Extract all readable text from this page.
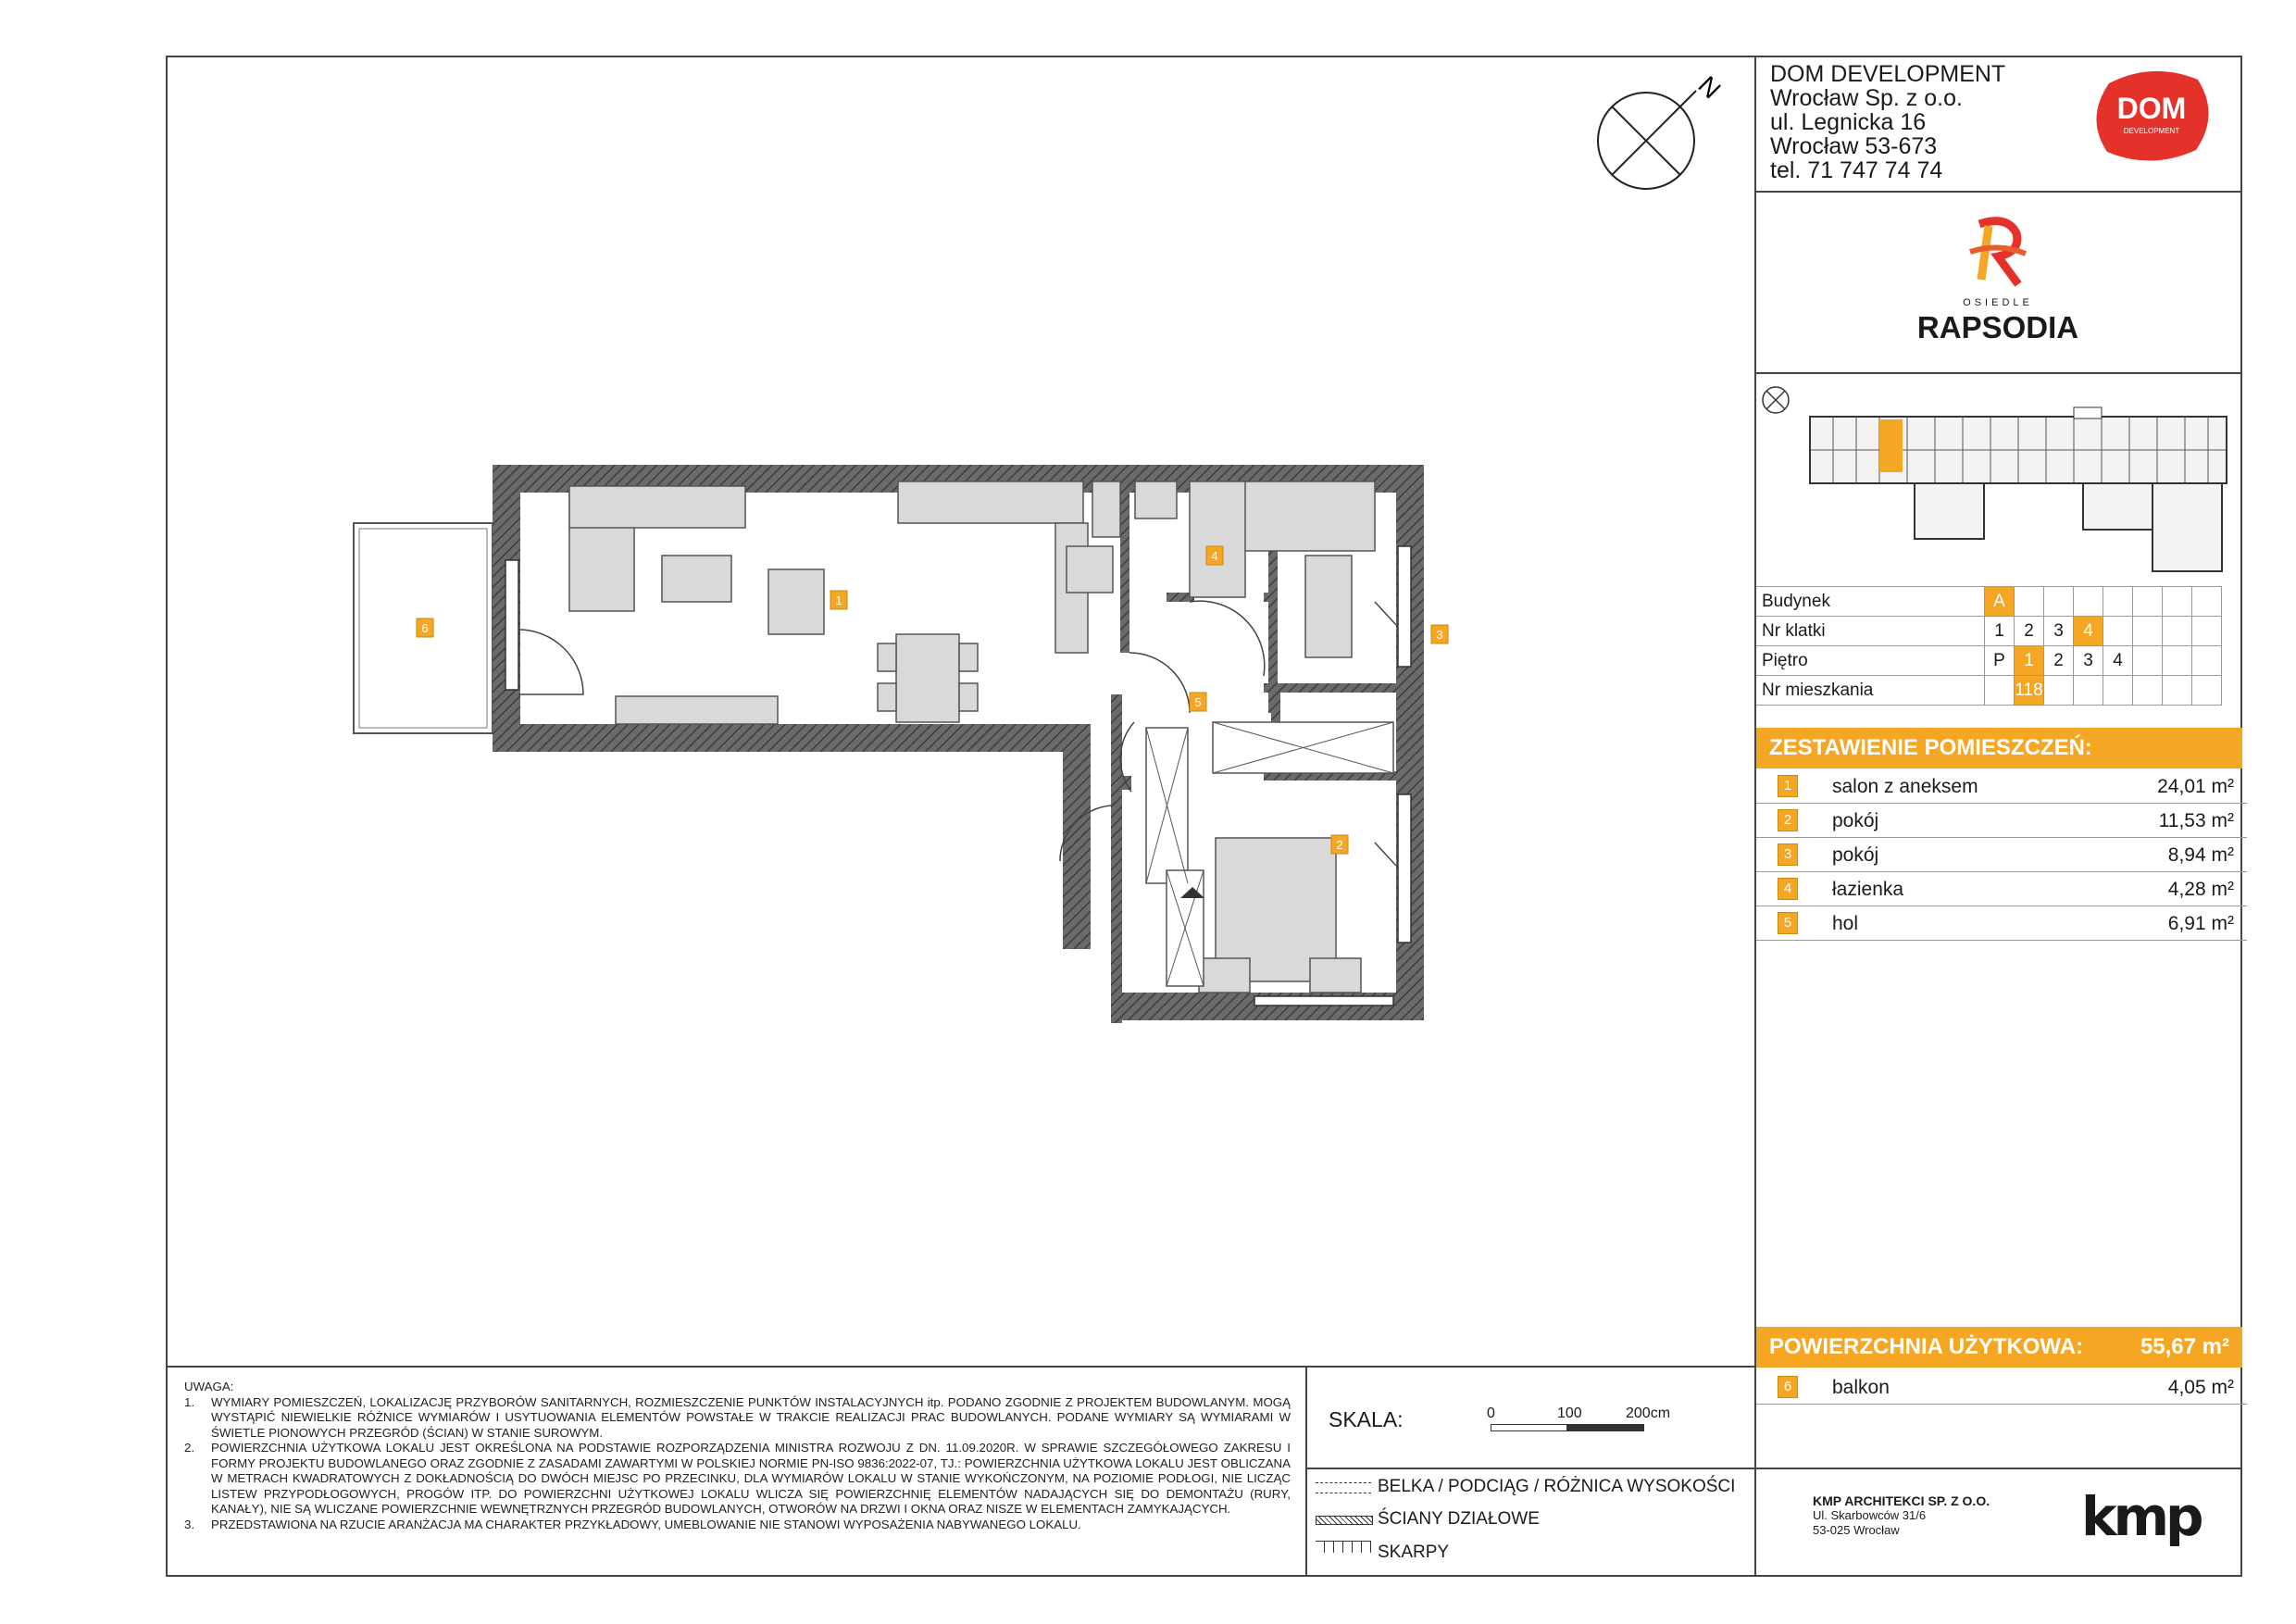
DOM DEVELOPMENT
Wrocław Sp. z o.o.
ul. Legnicka 16
Wrocław 53-673
tel. 71 747 74 74
DOM
DEVELOPMENT
OSIEDLE
RAPSODIA
Budynek	A							
Nr klatki	1	2	3	4				
Piętro	P	1	2	3	4			
Nr mieszkania		118						
ZESTAWIENIE POMIESZCZEŃ:
1	salon z aneksem	24,01 m²
2	pokój	11,53 m²
3	pokój	8,94 m²
4	łazienka	4,28 m²
5	hol	6,91 m²
POWIERZCHNIA UŻYTKOWA:	55,67 m²
6	balkon	4,05 m²
KMP ARCHITEKCI SP. Z O.O.
Ul. Skarbowców 31/6
53-025 Wrocław	kmp

UWAGA:

1. WYMIARY POMIESZCZEŃ, LOKALIZACJĘ PRZYBORÓW SANITARNYCH, ROZMIESZCZENIE PUNKTÓW INSTALACYJNYCH itp. PODANO ZGODNIE Z PROJEKTEM BUDOWLANYM. MOGĄ WYSTĄPIĆ NIEWIELKIE RÓŻNICE WYMIARÓW I USYTUOWANIA ELEMENTÓW POWSTAŁE W TRAKCIE REALIZACJI PRAC BUDOWLANYCH. PODANE WYMIARY SĄ WYMIARAMI W ŚWIETLE PIONOWYCH PRZEGRÓD (ŚCIAN) W STANIE SUROWYM.
2. POWIERZCHNIA UŻYTKOWA LOKALU JEST OKREŚLONA NA PODSTAWIE ROZPORZĄDZENIA MINISTRA ROZWOJU Z DN. 11.09.2020R. W SPRAWIE SZCZEGÓŁOWEGO ZAKRESU I FORMY PROJEKTU BUDOWLANEGO ORAZ ZGODNIE Z ZASADAMI ZAWARTYMI W POLSKIEJ NORMIE PN-ISO 9836:2022-07, TJ.: POWIERZCHNIA UŻYTKOWA LOKALU JEST OBLICZANA W METRACH KWADRATOWYCH Z DOKŁADNOŚCIĄ DO DWÓCH MIEJSC PO PRZECINKU, DLA WYMIARÓW LOKALU W STANIE WYKOŃCZONYM, NA POZIOMIE PODŁOGI, NIE LICZĄC LISTEW PRZYPODŁOGOWYCH, PROGÓW ITP. DO POWIERZCHNI UŻYTKOWEJ LOKALU WLICZA SIĘ POWIERZCHNIĘ ELEMENTÓW NADAJĄCYCH SIĘ DO DEMONTAŻU (RURY, KANAŁY), NIE SĄ WLICZANE POWIERZCHNIE WEWNĘTRZNYCH PRZEGRÓD BUDOWLANYCH, OTWORÓW NA DRZWI I OKNA ORAZ NISZE W ELEMENTACH ZAMYKAJĄCYCH.
3. PRZEDSTAWIONA NA RZUCIE ARANŻACJA MA CHARAKTER PRZYKŁADOWY, UMEBLOWANIE NIE STANOWI WYPOSAŻENIA NABYWANEGO LOKALU.
SKALA:	0	100	200cm
BELKA / PODCIĄG / RÓŻNICA WYSOKOŚCI
ŚCIANY DZIAŁOWE
SKARPY
N
1
2
3
4
5
6
